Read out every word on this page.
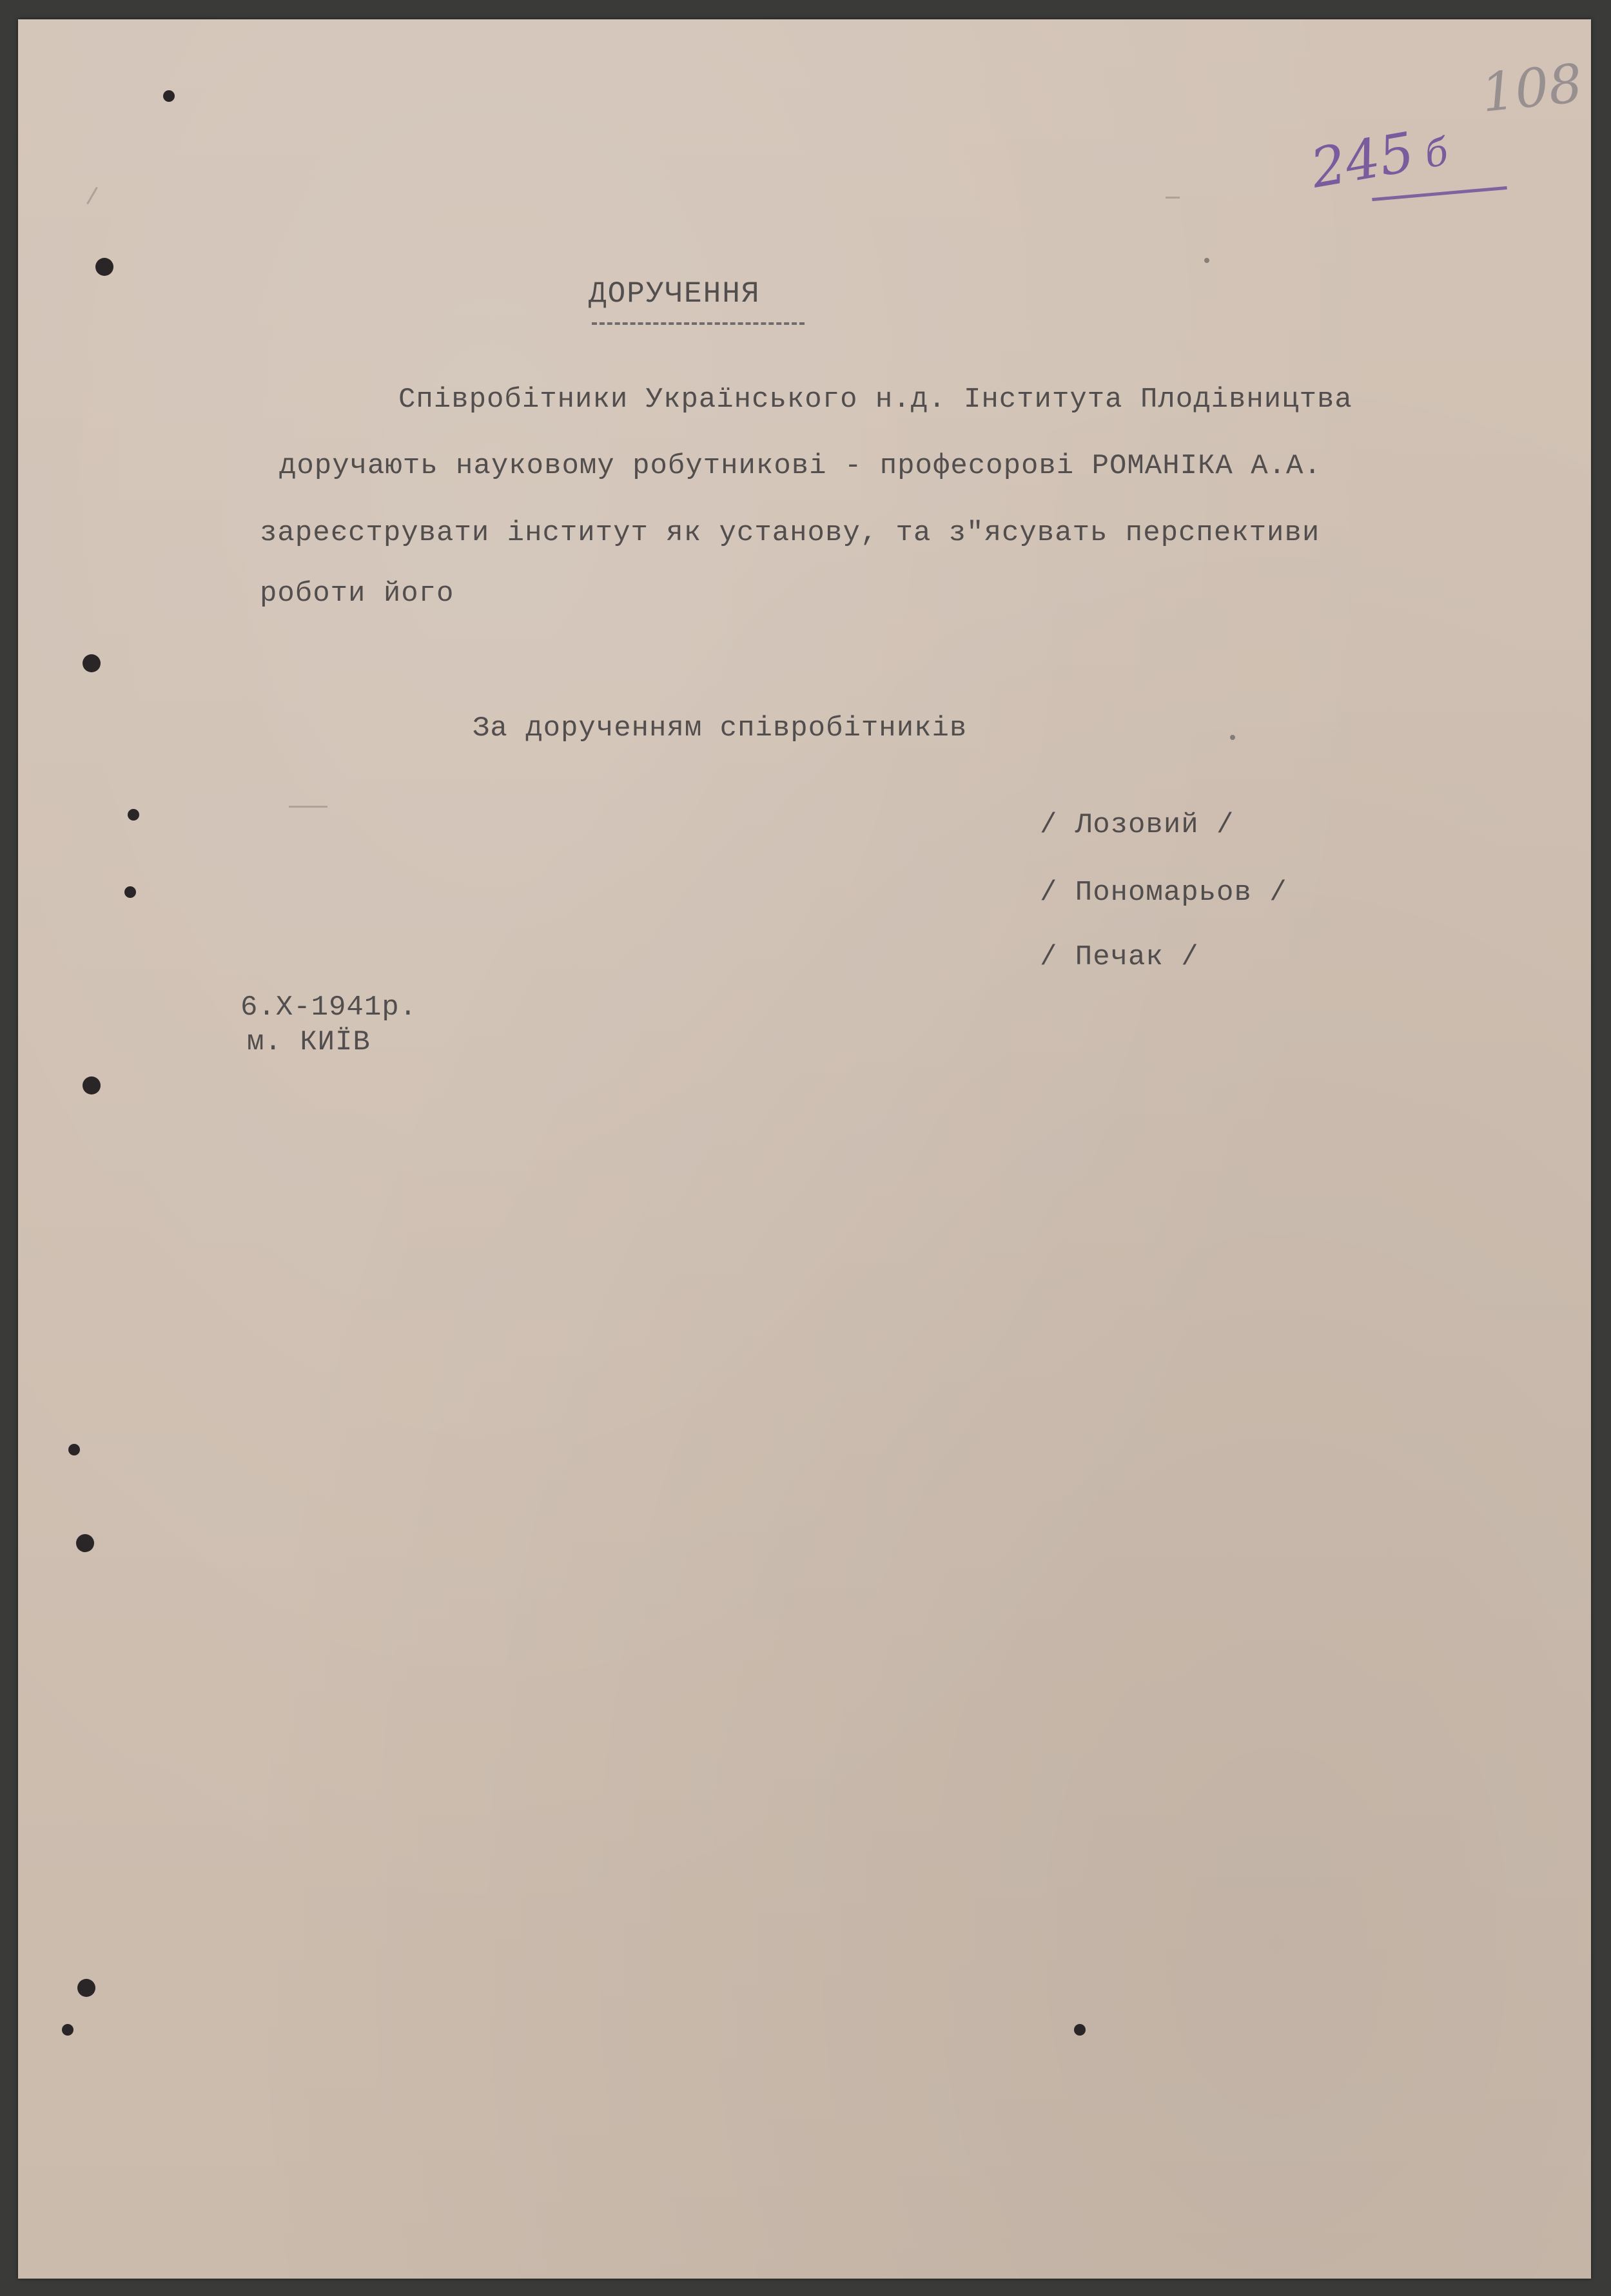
108
245 б
ДОРУЧЕННЯ
Співробітники Українського н.д. Інститута Плодівництва
доручають науковому робутникові - професорові РОМАНІКА А.А.
зареєструвати інститут як установу, та з"ясувать перспективи
роботи його
За дорученням співробітників
/ Лозовий /
/ Пономарьов /
/ Печак /
6.Х-1941р.
м. КИЇВ
